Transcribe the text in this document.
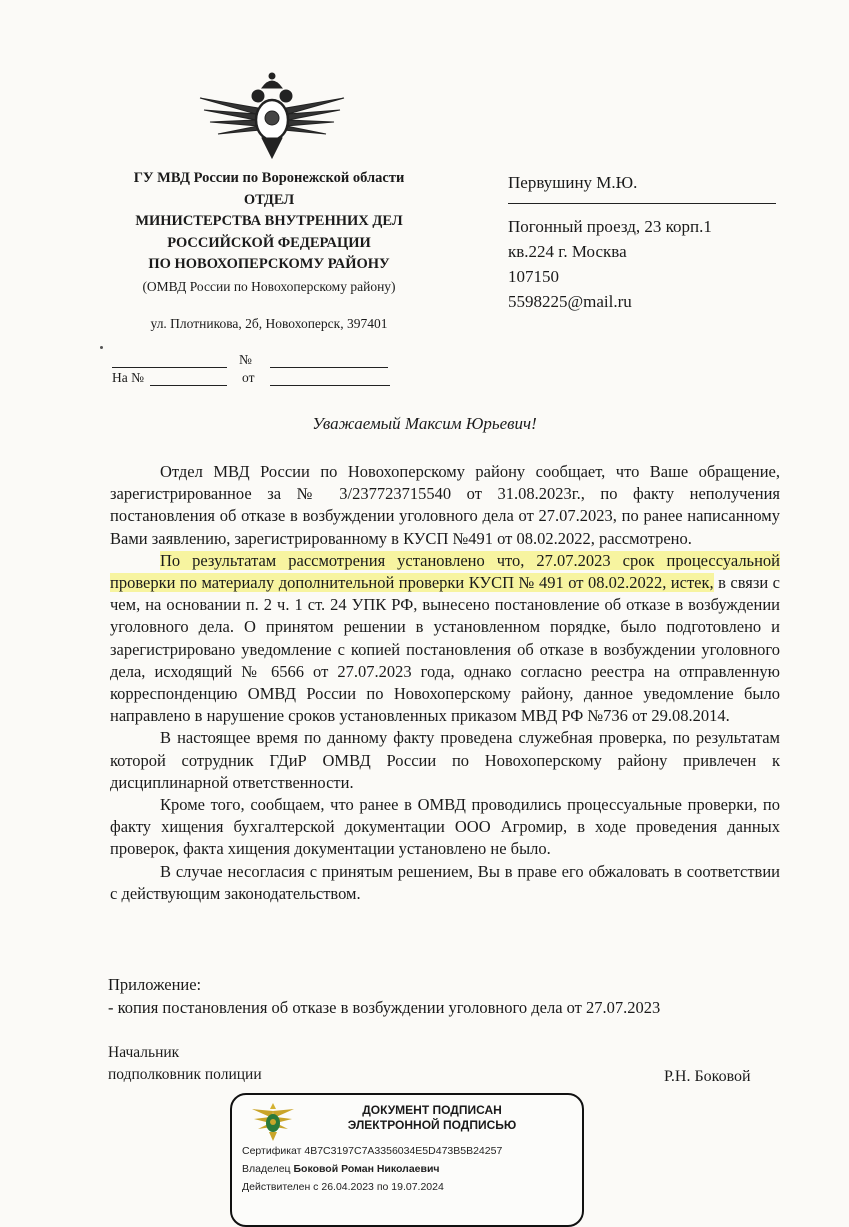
ГУ МВД России по Воронежской области
ОТДЕЛ
МИНИСТЕРСТВА ВНУТРЕННИХ ДЕЛ
РОССИЙСКОЙ ФЕДЕРАЦИИ
ПО НОВОХОПЕРСКОМУ РАЙОНУ
(ОМВД России по Новохоперскому району)
ул. Плотникова, 2б, Новохоперск, 397401
№
На №	от
Первушину М.Ю.
Погонный проезд, 23 корп.1
кв.224 г. Москва
107150
5598225@mail.ru
Уважаемый Максим Юрьевич!

Отдел МВД России по Новохоперскому району сообщает, что Ваше обращение, зарегистрированное за № 3/237723715540 от 31.08.2023г., по факту неполучения постановления об отказе в возбуждении уголовного дела от 27.07.2023, по ранее написанному Вами заявлению, зарегистрированному в КУСП №491 от 08.02.2022, рассмотрено.

По результатам рассмотрения установлено что, 27.07.2023 срок процессуальной проверки по материалу дополнительной проверки КУСП № 491 от 08.02.2022, истек, в связи с чем, на основании п. 2 ч. 1 ст. 24 УПК РФ, вынесено постановление об отказе в возбуждении уголовного дела. О принятом решении в установленном порядке, было подготовлено и зарегистрировано уведомление с копией постановления об отказе в возбуждении уголовного дела, исходящий № 6566 от 27.07.2023 года, однако согласно реестра на отправленную корреспонденцию ОМВД России по Новохоперскому району, данное уведомление было направлено в нарушение сроков установленных приказом МВД РФ №736 от 29.08.2014.

В настоящее время по данному факту проведена служебная проверка, по результатам которой сотрудник ГДиР ОМВД России по Новохоперскому району привлечен к дисциплинарной ответственности.

Кроме того, сообщаем, что ранее в ОМВД проводились процессуальные проверки, по факту хищения бухгалтерской документации ООО Агромир, в ходе проведения данных проверок, факта хищения документации установлено не было.

В случае несогласия с принятым решением, Вы в праве его обжаловать в соответствии с действующим законодательством.

Приложение:
- копия постановления об отказе в возбуждении уголовного дела от 27.07.2023
Начальник
подполковник полиции	Р.Н. Боковой
ДОКУМЕНТ ПОДПИСАН
ЭЛЕКТРОННОЙ ПОДПИСЬЮ
Сертификат 4B7C3197C7A3356034E5D473B5B24257
Владелец Боковой Роман Николаевич
Действителен с 26.04.2023 по 19.07.2024
